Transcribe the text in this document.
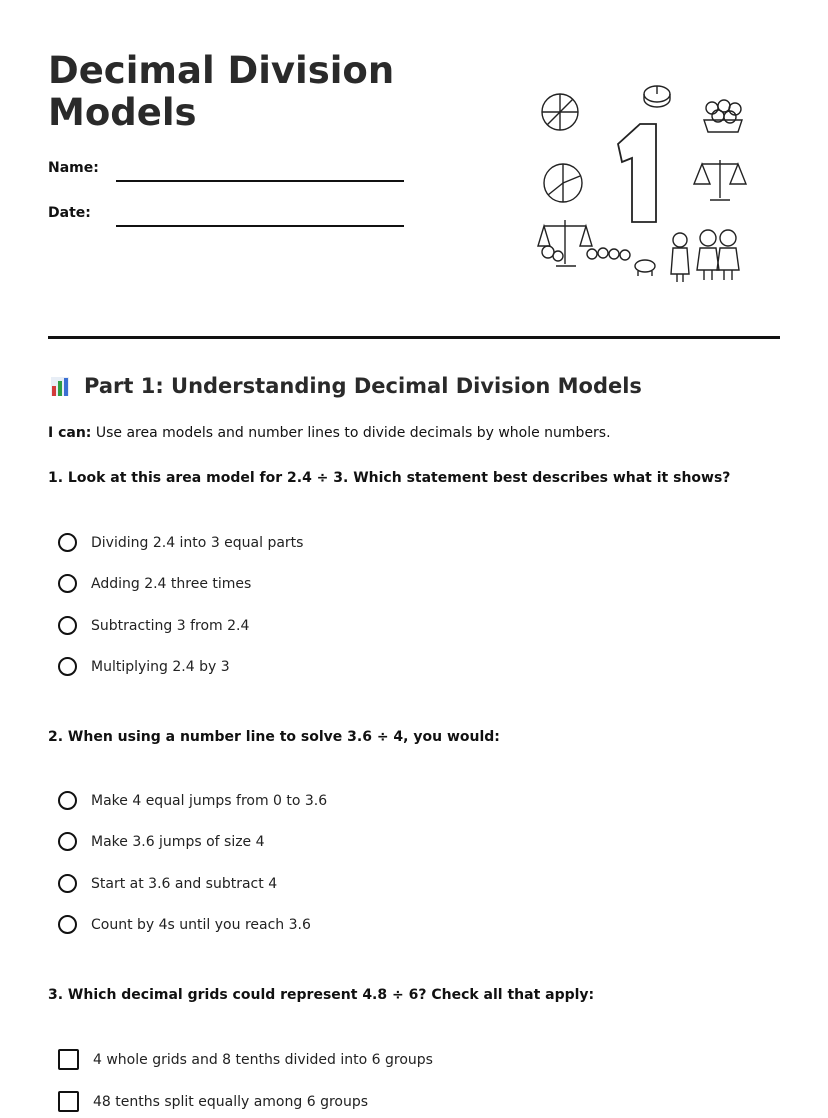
Decimal Division Models
Name:
Date:
Part 1: Understanding Decimal Division Models
I can: Use area models and number lines to divide decimals by whole numbers.
1. Look at this area model for 2.4 ÷ 3. Which statement best describes what it shows?
Dividing 2.4 into 3 equal parts
Adding 2.4 three times
Subtracting 3 from 2.4
Multiplying 2.4 by 3
2. When using a number line to solve 3.6 ÷ 4, you would:
Make 4 equal jumps from 0 to 3.6
Make 3.6 jumps of size 4
Start at 3.6 and subtract 4
Count by 4s until you reach 3.6
3. Which decimal grids could represent 4.8 ÷ 6? Check all that apply:
4 whole grids and 8 tenths divided into 6 groups
48 tenths split equally among 6 groups
